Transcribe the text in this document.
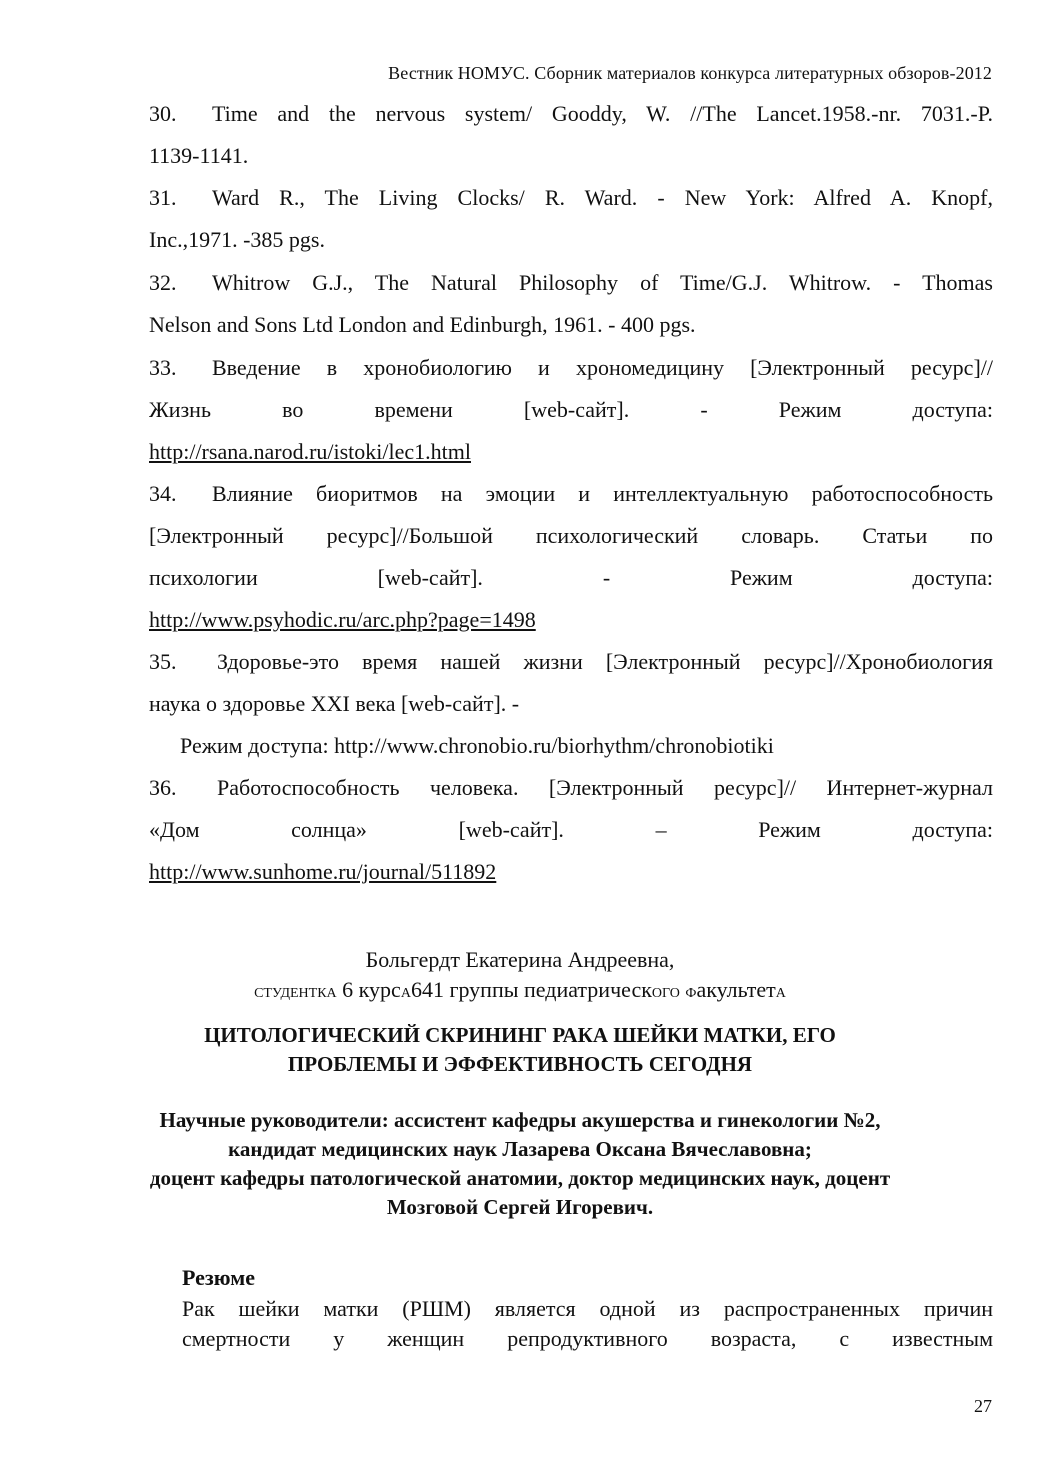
Вестник НОМУС. Сборник материалов конкурса литературных обзоров-2012
30. Time and the nervous system/ Gooddy, W. //The Lancet.1958.-nr. 7031.-P.
1139-1141.
31. Ward R., The Living Clocks/ R. Ward. - New York: Alfred A. Knopf,
Inc.,1971. -385 pgs.
32. Whitrow G.J., The Natural Philosophy of Time/G.J. Whitrow. - Thomas
Nelson and Sons Ltd London and Edinburgh, 1961. - 400 pgs.
33. Введение в хронобиологию и хрономедицину [Электронный ресурс]//
Жизнь во времени [web-сайт]. - Режим доступа:
http://rsana.narod.ru/istoki/lec1.html
34. Влияние биоритмов на эмоции и интеллектуальную работоспособность
[Электронный ресурс]//Большой психологический словарь. Статьи по
психологии [web-сайт]. - Режим доступа:
http://www.psyhodic.ru/arc.php?page=1498
35. Здоровье-это время нашей жизни [Электронный ресурс]//Хронобиология
наука о здоровье XXI века [web-сайт]. -
Режим доступа: http://www.chronobio.ru/biorhythm/chronobiotiki
36. Работоспособность человека. [Электронный ресурс]// Интернет-журнал
«Дом солнца» [web-сайт]. – Режим доступа:
http://www.sunhome.ru/journal/511892
Больгердт Екатерина Андреевна,
СТУДЕНТКА 6 курсА641 группы педиатрическОГО ФакультетА
ЦИТОЛОГИЧЕСКИЙ СКРИНИНГ РАКА ШЕЙКИ МАТКИ, ЕГО
ПРОБЛЕМЫ И ЭФФЕКТИВНОСТЬ СЕГОДНЯ
Научные руководители: ассистент кафедры акушерства и гинекологии №2,
кандидат медицинских наук Лазарева Оксана Вячеславовна;
доцент кафедры патологической анатомии, доктор медицинских наук, доцент
Мозговой Сергей Игоревич.
Резюме
Рак шейки матки (РШМ) является одной из распространенных причин
смертности у женщин репродуктивного возраста, с известным
27
